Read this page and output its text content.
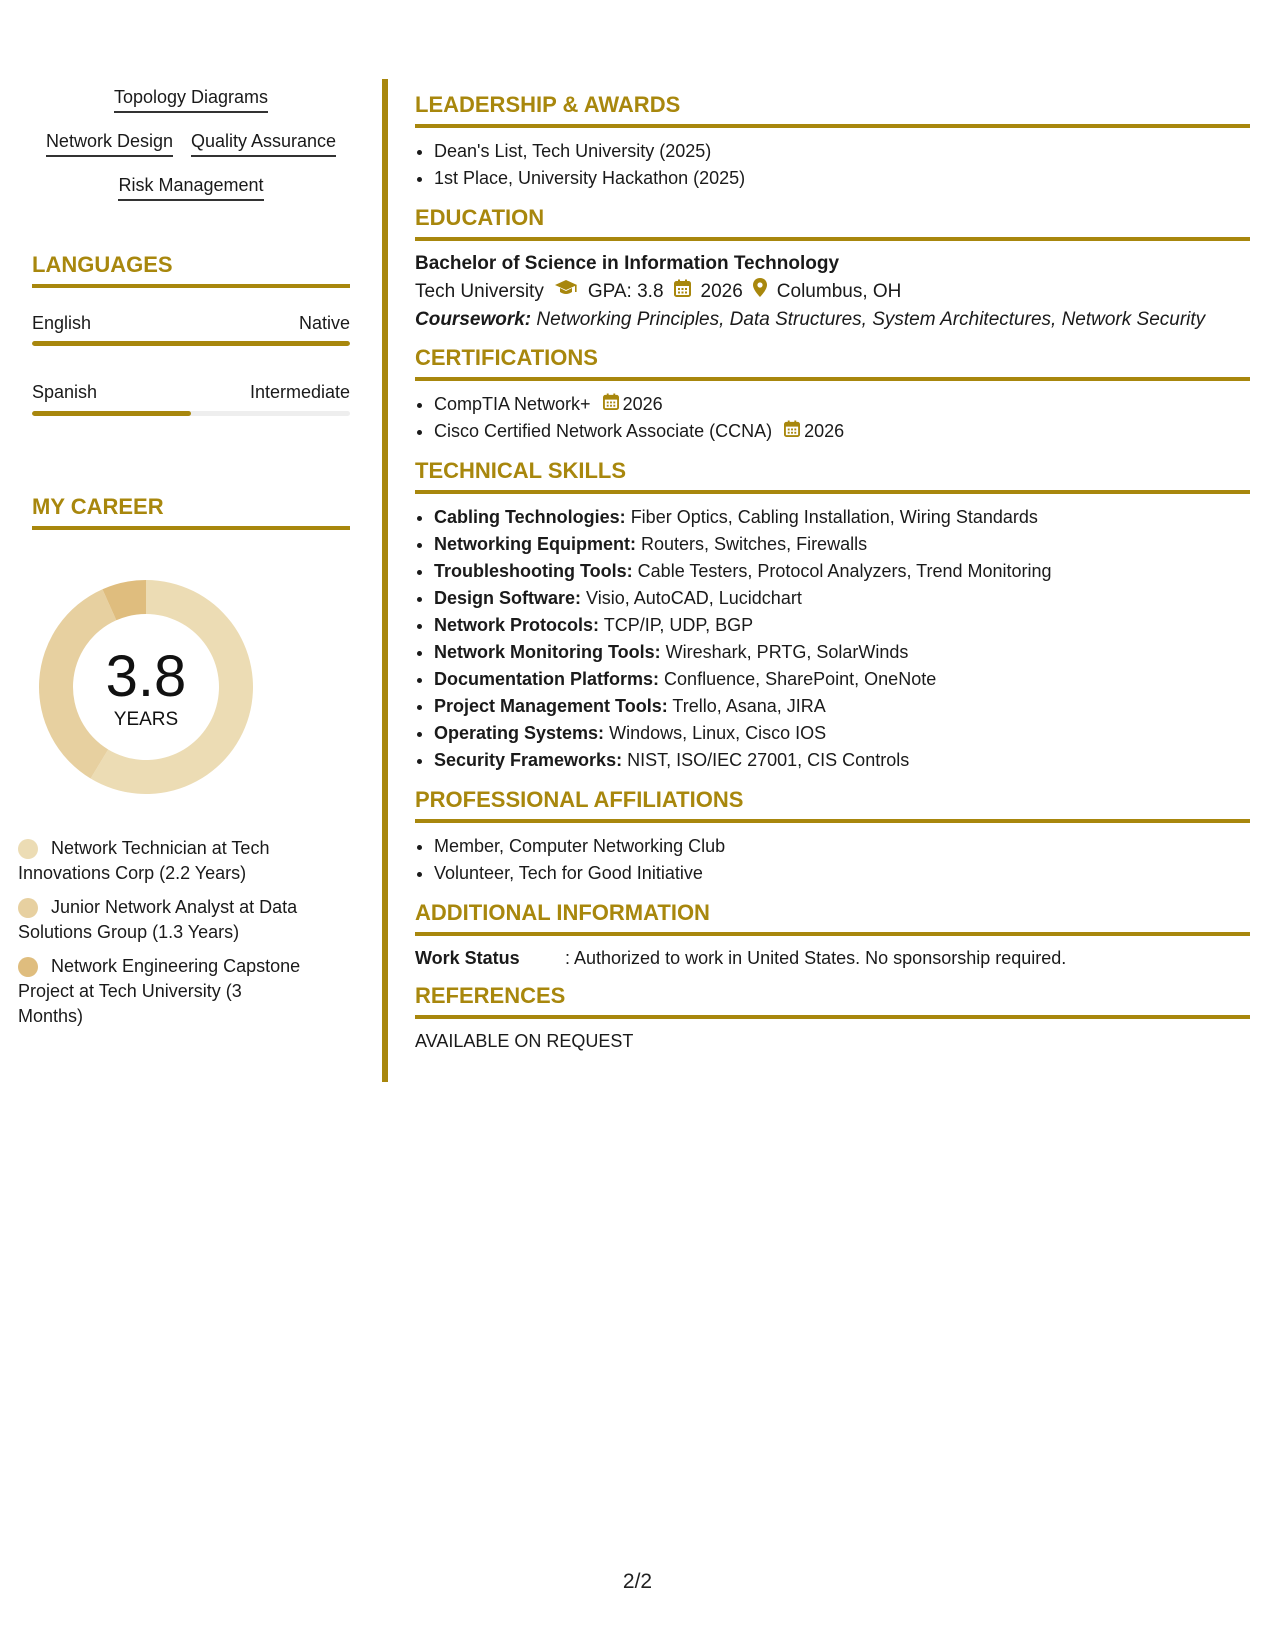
Topology Diagrams
Network Design Quality Assurance
Risk Management
LANGUAGES
English	Native
Spanish	Intermediate
MY CAREER
3.8
YEARS
Network Technician at Tech Innovations Corp (2.2 Years)
Junior Network Analyst at Data Solutions Group (1.3 Years)
Network Engineering Capstone Project at Tech University (3 Months)
LEADERSHIP & AWARDS
• Dean's List, Tech University (2025)
• 1st Place, University Hackathon (2025)
EDUCATION
Bachelor of Science in Information Technology
Tech University GPA: 3.8 2026 Columbus, OH
Coursework: Networking Principles, Data Structures, System Architectures, Network Security
CERTIFICATIONS
• CompTIA Network+ 2026
• Cisco Certified Network Associate (CCNA) 2026
TECHNICAL SKILLS
• Cabling Technologies: Fiber Optics, Cabling Installation, Wiring Standards
• Networking Equipment: Routers, Switches, Firewalls
• Troubleshooting Tools: Cable Testers, Protocol Analyzers, Trend Monitoring
• Design Software: Visio, AutoCAD, Lucidchart
• Network Protocols: TCP/IP, UDP, BGP
• Network Monitoring Tools: Wireshark, PRTG, SolarWinds
• Documentation Platforms: Confluence, SharePoint, OneNote
• Project Management Tools: Trello, Asana, JIRA
• Operating Systems: Windows, Linux, Cisco IOS
• Security Frameworks: NIST, ISO/IEC 27001, CIS Controls
PROFESSIONAL AFFILIATIONS
• Member, Computer Networking Club
• Volunteer, Tech for Good Initiative
ADDITIONAL INFORMATION
Work Status	: Authorized to work in United States. No sponsorship required.
REFERENCES
AVAILABLE ON REQUEST
2/2
